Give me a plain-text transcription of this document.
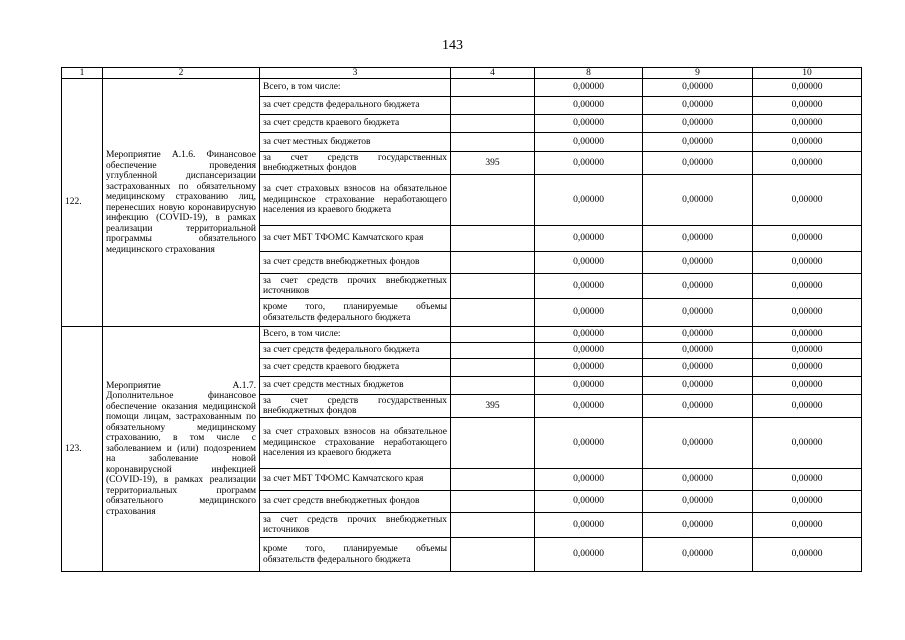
143
1	2	3	4	8	9	10
122.	Мероприятие А.1.6. Финансовое обеспечение проведения углубленной диспансеризации застрахованных по обязательному медицинскому страхованию лиц, перенесших новую коронавирусную инфекцию (COVID-19), в рамках реализации территориальной программы обязательного медицинского страхования	Всего, в том числе:		0,00000	0,00000	0,00000
		за счет средств федерального бюджета		0,00000	0,00000	0,00000
		за счет средств краевого бюджета		0,00000	0,00000	0,00000
		за счет местных бюджетов		0,00000	0,00000	0,00000
		за счет средств государственных внебюджетных фондов	395	0,00000	0,00000	0,00000
		за счет страховых взносов на обязательное медицинское страхование неработающего населения из краевого бюджета		0,00000	0,00000	0,00000
		за счет МБТ ТФОМС Камчатского края		0,00000	0,00000	0,00000
		за счет средств внебюджетных фондов		0,00000	0,00000	0,00000
		за счет средств прочих внебюджетных источников		0,00000	0,00000	0,00000
		кроме того, планируемые объемы обязательств федерального бюджета		0,00000	0,00000	0,00000
123.	Мероприятие А.1.7. Дополнительное финансовое обеспечение оказания медицинской помощи лицам, застрахованным по обязательному медицинскому страхованию, в том числе с заболеванием и (или) подозрением на заболевание новой коронавирусной инфекцией (COVID-19), в рамках реализации территориальных программ обязательного медицинского страхования	Всего, в том числе:		0,00000	0,00000	0,00000
		за счет средств федерального бюджета		0,00000	0,00000	0,00000
		за счет средств краевого бюджета		0,00000	0,00000	0,00000
		за счет средств местных бюджетов		0,00000	0,00000	0,00000
		за счет средств государственных внебюджетных фондов	395	0,00000	0,00000	0,00000
		за счет страховых взносов на обязательное медицинское страхование неработающего населения из краевого бюджета		0,00000	0,00000	0,00000
		за счет МБТ ТФОМС Камчатского края		0,00000	0,00000	0,00000
		за счет средств внебюджетных фондов		0,00000	0,00000	0,00000
		за счет средств прочих внебюджетных источников		0,00000	0,00000	0,00000
		кроме того, планируемые объемы обязательств федерального бюджета		0,00000	0,00000	0,00000
